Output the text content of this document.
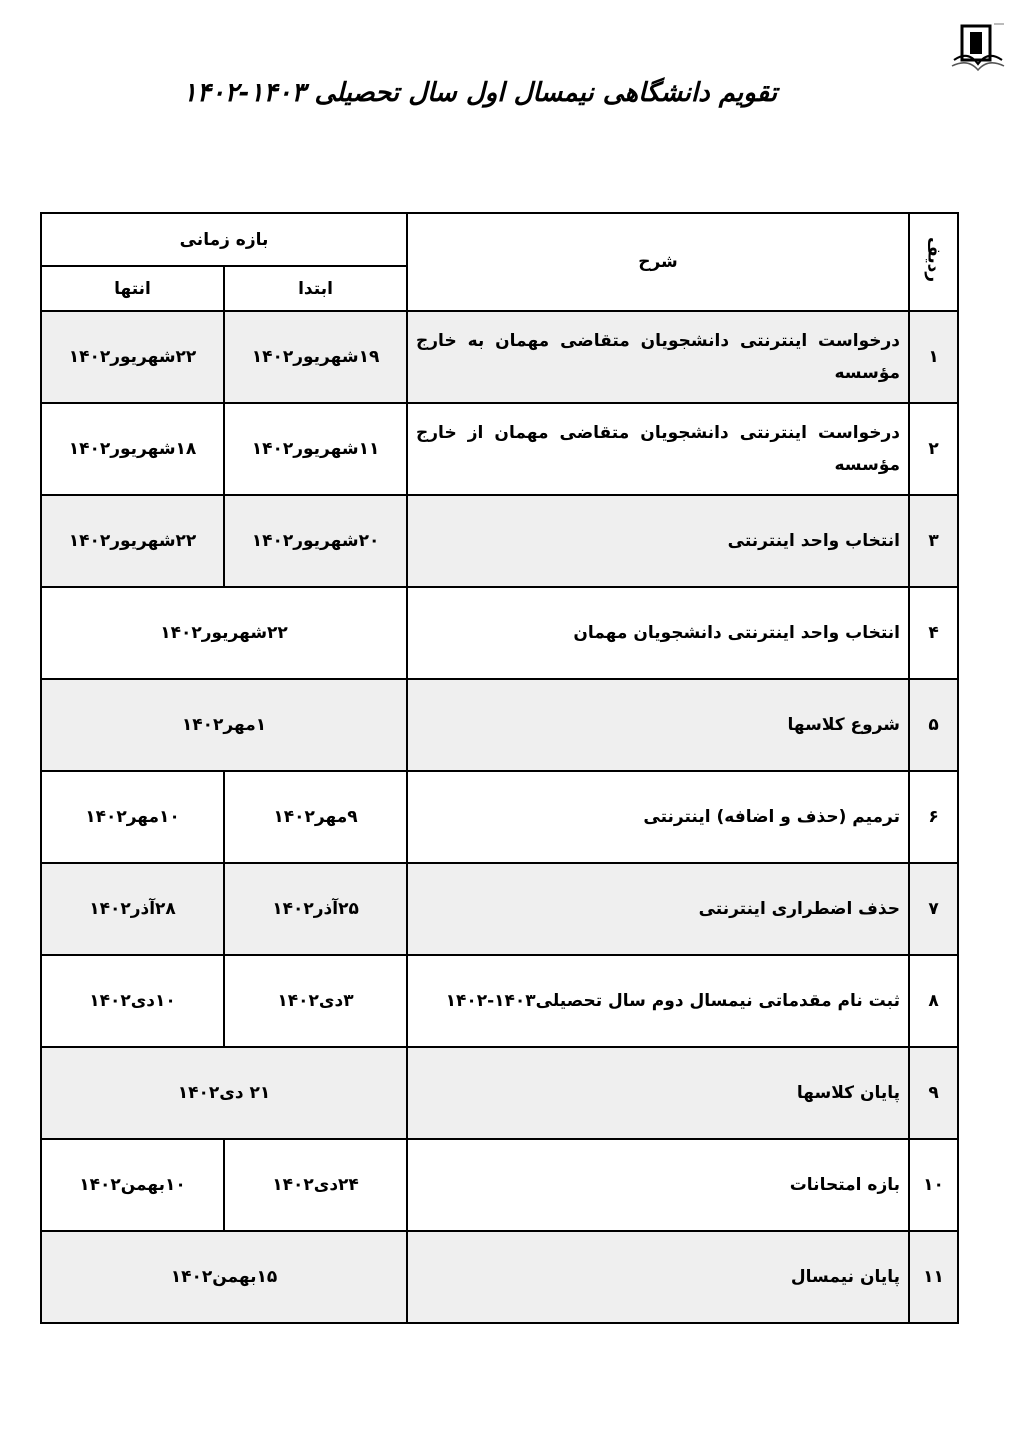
تقویم دانشگاهی نیمسال اول سال تحصیلی ۱۴۰۳-۱۴۰۲
ردیف	شرح	بازه زمانی	
		ابتدا	انتها
۱	درخواست اینترنتی دانشجویان متقاضی مهمان به خارج مؤسسه	۱۹شهریور۱۴۰۲	۲۲شهریور۱۴۰۲
۲	درخواست اینترنتی دانشجویان متقاضی مهمان از خارج مؤسسه	۱۱شهریور۱۴۰۲	۱۸شهریور۱۴۰۲
۳	انتخاب واحد اینترنتی	۲۰شهریور۱۴۰۲	۲۲شهریور۱۴۰۲
۴	انتخاب واحد اینترنتی دانشجویان مهمان	۲۲شهریور۱۴۰۲	
۵	شروع کلاسها	۱مهر۱۴۰۲	
۶	ترمیم (حذف و اضافه) اینترنتی	۹مهر۱۴۰۲	۱۰مهر۱۴۰۲
۷	حذف اضطراری اینترنتی	۲۵آذر۱۴۰۲	۲۸آذر۱۴۰۲
۸	ثبت نام مقدماتی نیمسال دوم سال تحصیلی۱۴۰۳-۱۴۰۲	۳دی۱۴۰۲	۱۰دی۱۴۰۲
۹	پایان کلاسها	۲۱ دی۱۴۰۲	
۱۰	بازه امتحانات	۲۴دی۱۴۰۲	۱۰بهمن۱۴۰۲
۱۱	پایان نیمسال	۱۵بهمن۱۴۰۲	
